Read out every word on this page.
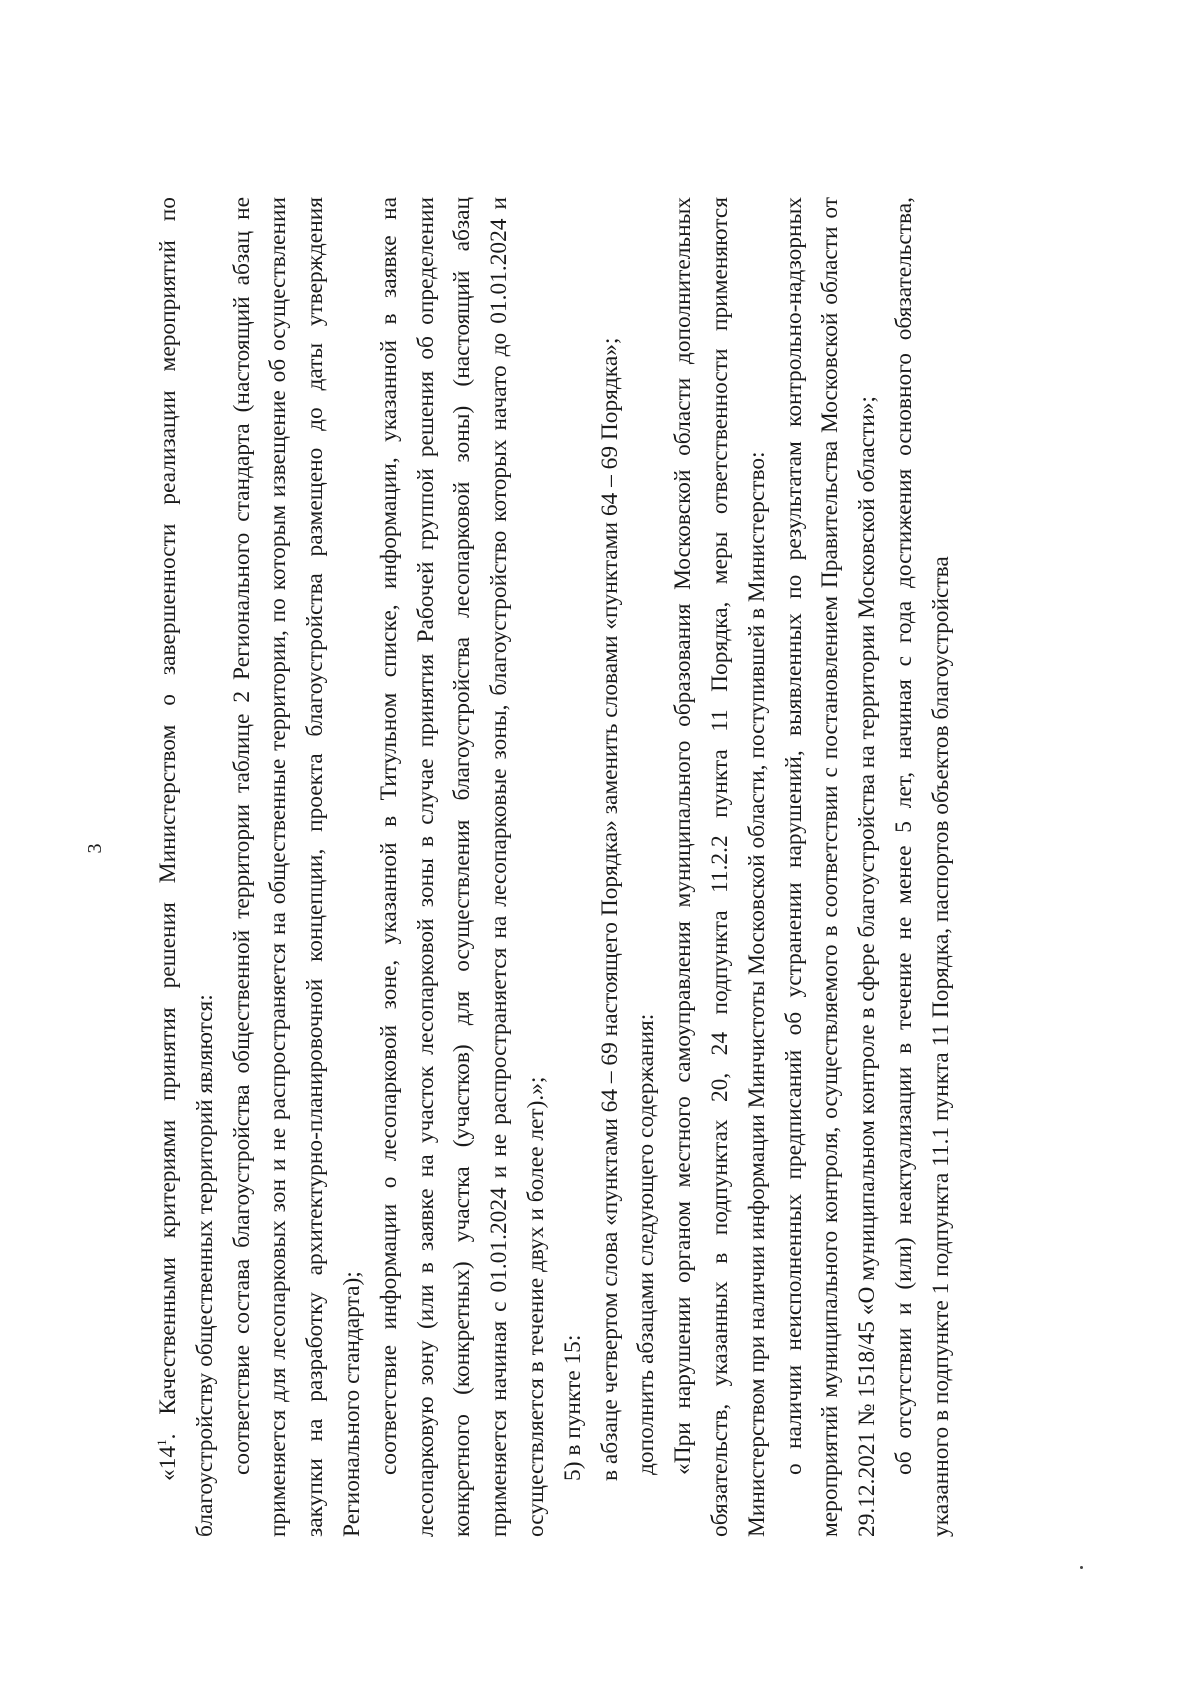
3

«$14^1$. Качественными критериями принятия решения Министерством о завершенности реализации мероприятий по благоустройству общественных территорий являются: соответствие состава благоустройства общественной территории таблице 2 Регионального стандарта (настоящий абзац не применяется для лесопарковых зон и не распространяется на общественные территории, по которым извещение об осуществлении закупки на разработку архитектурно-планировочной концепции, проекта благоустройства размещено до даты утверждения Регионального стандарта); соответствие информации о лесопарковой зоне, указанной в Титульном списке, информации, указанной в заявке на лесопарковую зону (или в заявке на участок лесопарковой зоны в случае принятия Рабочей группой решения об определении конкретного (конкретных) участка (участков) для осуществления благоустройства лесопарковой зоны) (настоящий абзац применяется начиная с 01.01.2024 и не распространяется на лесопарковые зоны, благоустройство которых начато до 01.01.2024 и осуществляется в течение двух и более лет).»; 5) в пункте 15: в абзаце четвертом слова «пунктами 64 – 69 настоящего Порядка» заменить словами «пунктами 64 – 69 Порядка»; дополнить абзацами следующего содержания: «При нарушении органом местного самоуправления муниципального образования Московской области дополнительных обязательств, указанных в подпунктах 20, 24 подпункта 11.2.2 пункта 11 Порядка, меры ответственности применяются Министерством при наличии информации Минчистоты Московской области, поступившей в Министерство: о наличии неисполненных предписаний об устранении нарушений, выявленных по результатам контрольно-надзорных мероприятий муниципального контроля, осуществляемого в соответствии с постановлением Правительства Московской области от 29.12.2021 № 1518/45 «О муниципальном контроле в сфере благоустройства на территории Московской области»; об отсутствии и (или) неактуализации в течение не менее 5 лет, начиная с года достижения основного обязательства, указанного в подпункте 1 подпункта 11.1 пункта 11 Порядка, паспортов объектов благоустройства
